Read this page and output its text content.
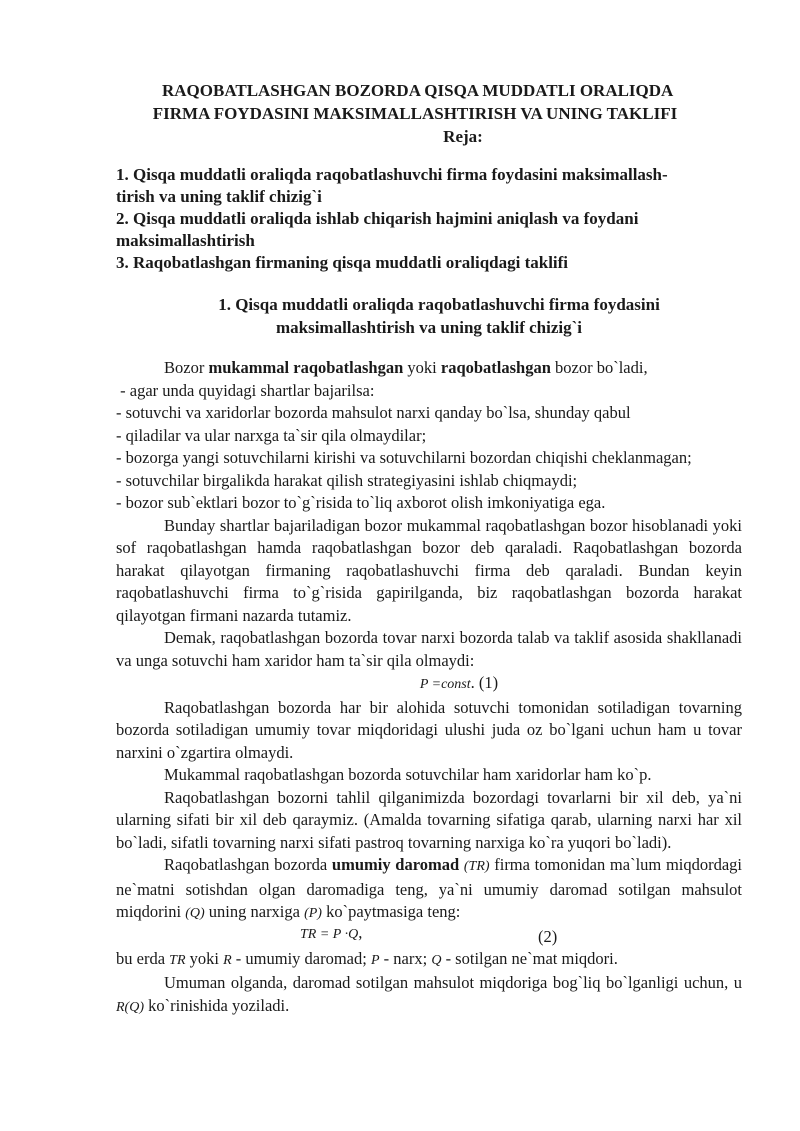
RAQOBATLASHGAN BOZORDA QISQA MUDDATLI ORALIQDA
FIRMA FOYDASINI MAKSIMALLASHTIRISH VA UNING TAKLIFI
Reja:
1. Qisqa muddatli oraliqda raqobatlashuvchi firma foydasini maksimallash-
tirish va uning taklif chizig`i
2. Qisqa muddatli oraliqda ishlab chiqarish hajmini aniqlash va foydani
maksimallashtirish
3. Raqobatlashgan firmaning qisqa muddatli oraliqdagi taklifi
1. Qisqa muddatli oraliqda raqobatlashuvchi firma foydasini
maksimallashtirish va uning taklif chizig`i

Bozor mukammal raqobatlashgan yoki raqobatlashgan bozor bo`ladi,

- agar unda quyidagi shartlar bajarilsa:

- sotuvchi va xaridorlar bozorda mahsulot narxi qanday bo`lsa, shunday qabul

- qiladilar va ular narxga ta`sir qila olmaydilar;

- bozorga yangi sotuvchilarni kirishi va sotuvchilarni bozordan chiqishi cheklanmagan;

- sotuvchilar birgalikda harakat qilish strategiyasini ishlab chiqmaydi;

- bozor sub`ektlari bozor to`g`risida to`liq axborot olish imkoniyatiga ega.

Bunday shartlar bajariladigan bozor mukammal raqobatlashgan bozor hisoblanadi yoki sof raqobatlashgan hamda raqobatlashgan bozor deb qaraladi. Raqobatlashgan bozorda harakat qilayotgan firmaning raqobatlashuvchi firma deb qaraladi. Bundan keyin raqobatlashuvchi firma to`g`risida gapirilganda, biz raqobatlashgan bozorda harakat qilayotgan firmani nazarda tutamiz.

Demak, raqobatlashgan bozorda tovar narxi bozorda talab va taklif asosida shakllanadi va unga sotuvchi ham xaridor ham ta`sir qila olmaydi:

P =const. (1)

Raqobatlashgan bozorda har bir alohida sotuvchi tomonidan sotiladigan tovarning bozorda sotiladigan umumiy tovar miqdoridagi ulushi juda oz bo`lgani uchun ham u tovar narxini o`zgartira olmaydi.

Mukammal raqobatlashgan bozorda sotuvchilar ham xaridorlar ham ko`p.

Raqobatlashgan bozorni tahlil qilganimizda bozordagi tovarlarni bir xil deb, ya`ni ularning sifati bir xil deb qaraymiz. (Amalda tovarning sifatiga qarab, ularning narxi har xil bo`ladi, sifatli tovarning narxi sifati pastroq tovarning narxiga ko`ra yuqori bo`ladi).

Raqobatlashgan bozorda umumiy daromad (TR) firma tomonidan ma`lum miqdordagi ne`matni sotishdan olgan daromadiga teng, ya`ni umumiy daromad sotilgan mahsulot miqdorini (Q) uning narxiga (P) ko`paytmasiga teng:

TR = P ·Q,	(2)

bu erda TR yoki R - umumiy daromad; P - narx; Q - sotilgan ne`mat miqdori.

Umuman olganda, daromad sotilgan mahsulot miqdoriga bog`liq bo`lganligi uchun, u R(Q) ko`rinishida yoziladi.
